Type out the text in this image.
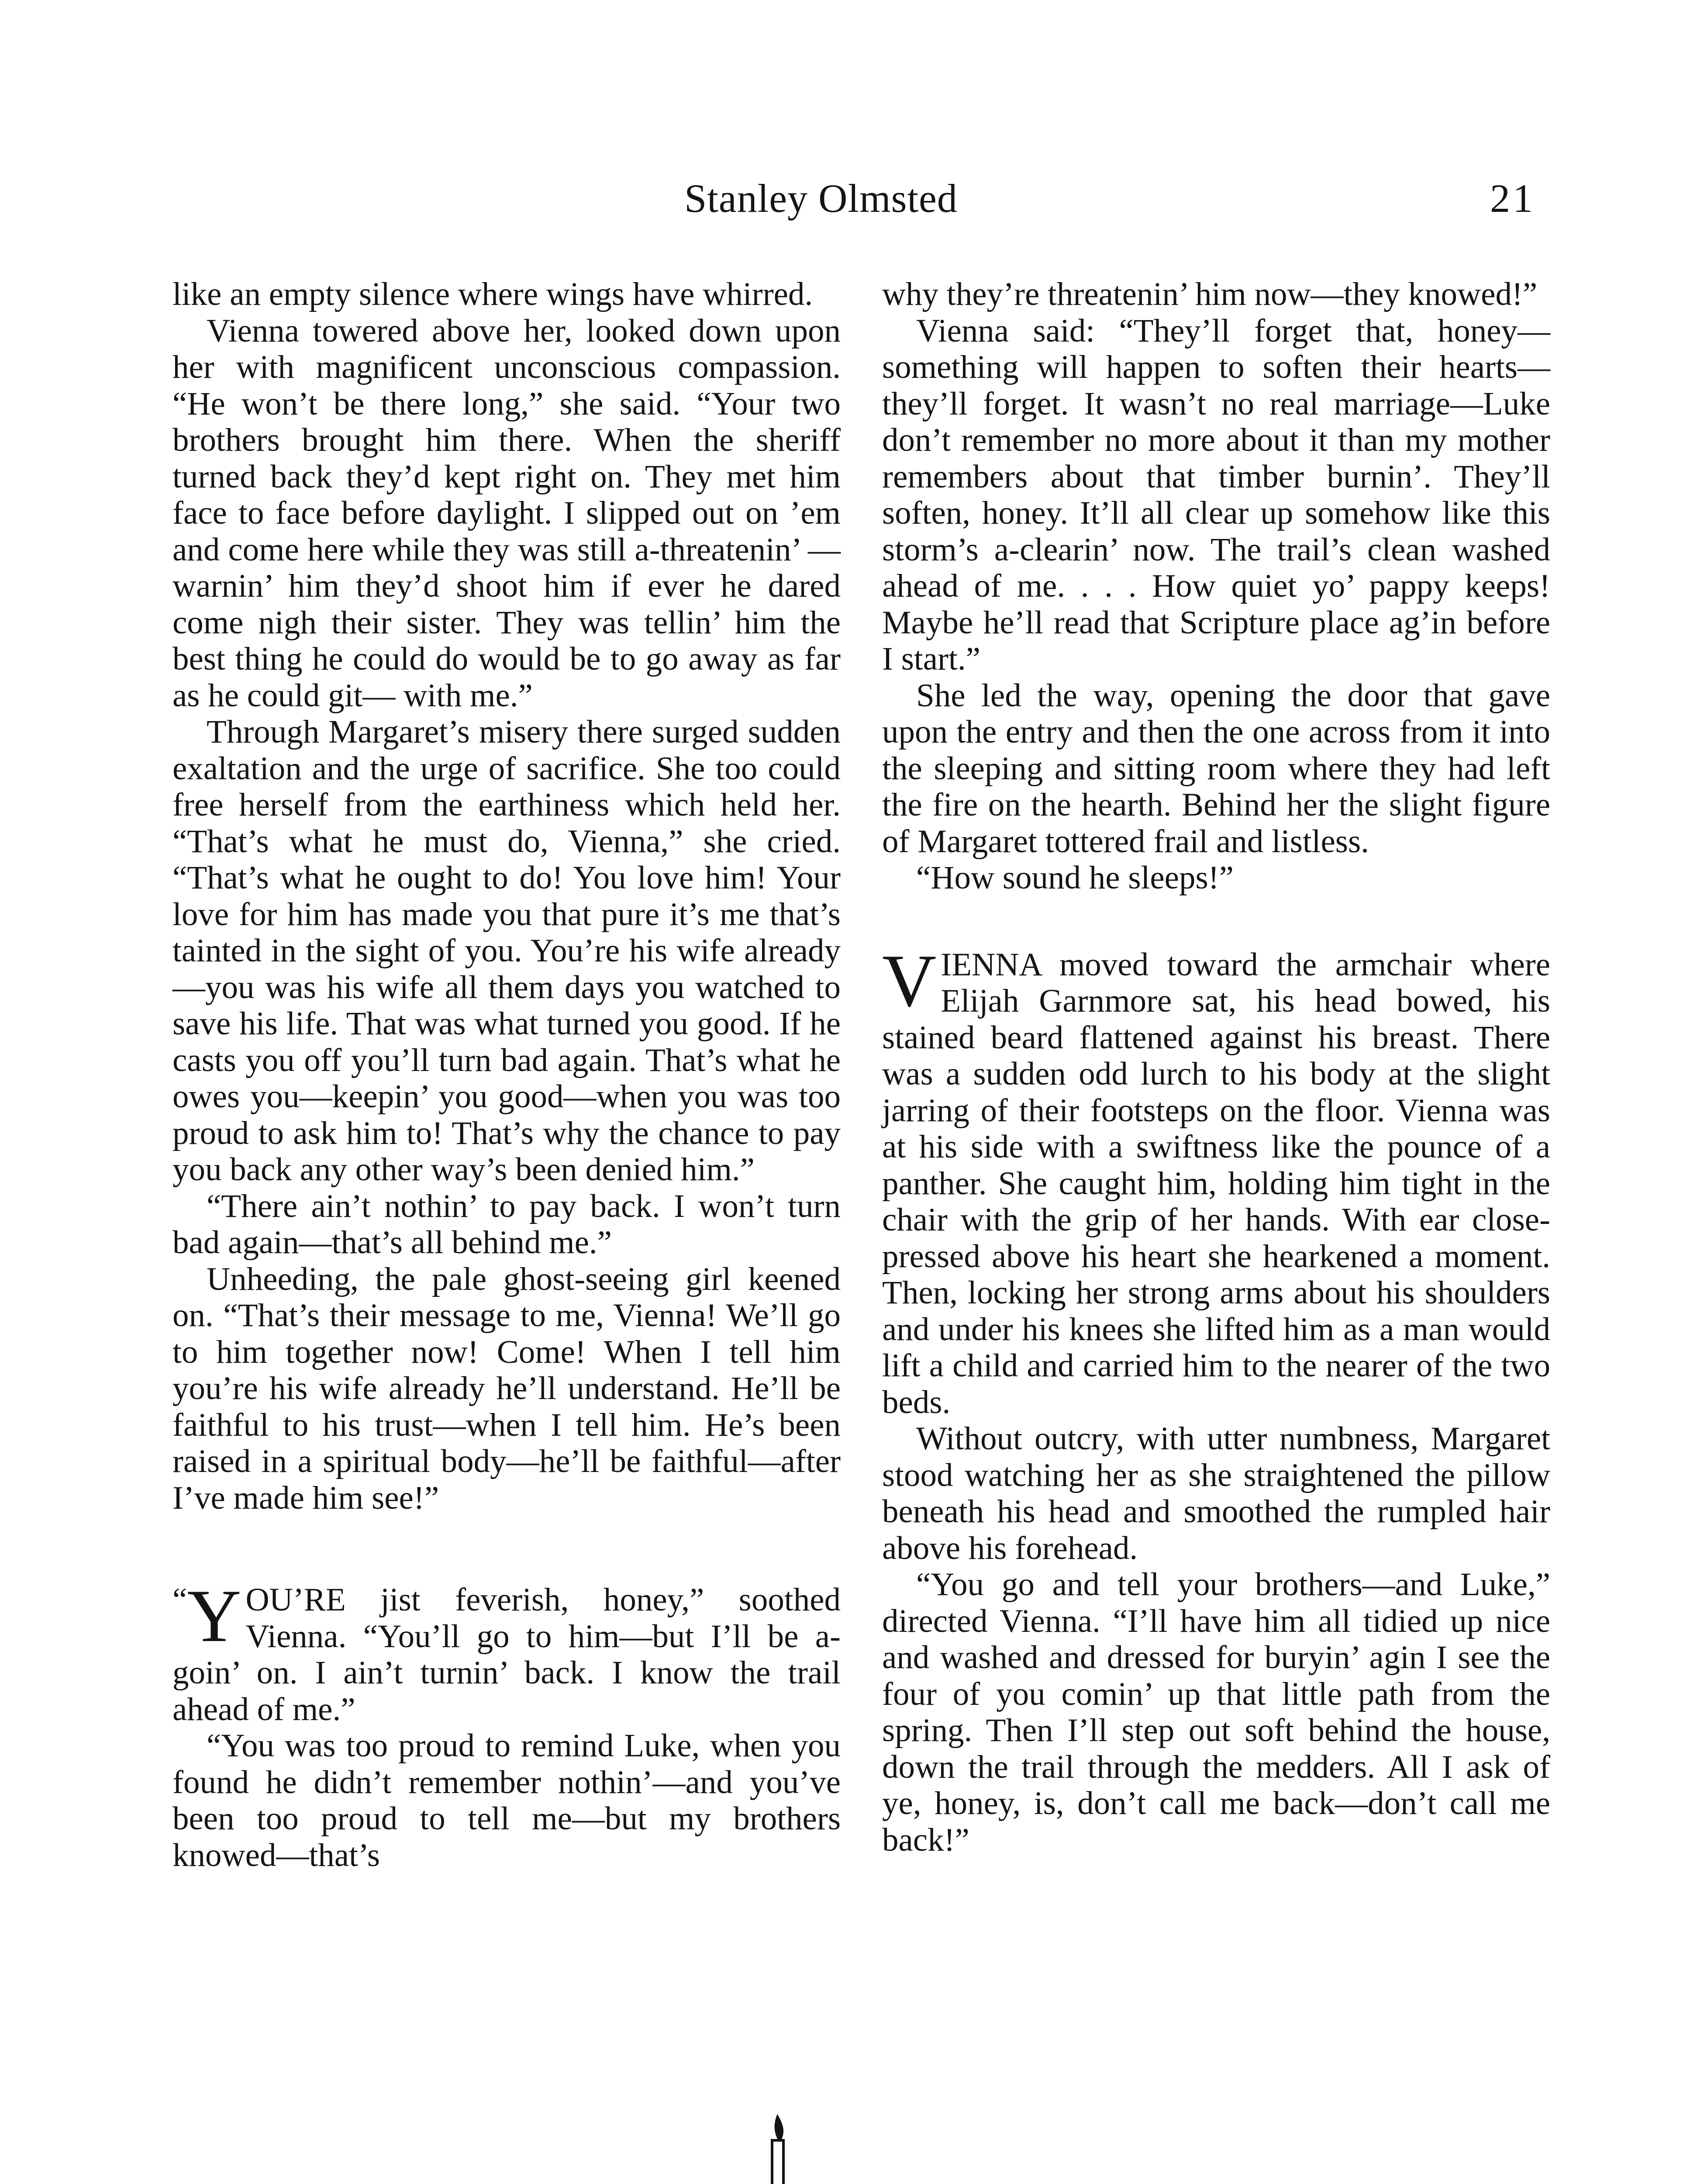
Stanley Olmsted	21

like an empty silence where wings have whirred.

Vienna towered above her, looked down upon her with magnificent unconscious compassion. “He won’t be there long,” she said. “Your two brothers brought him there. When the sheriff turned back they’d kept right on. They met him face to face before daylight. I slipped out on ’em and come here while they was still a-threatenin’ —warnin’ him they’d shoot him if ever he dared come nigh their sister. They was tellin’ him the best thing he could do would be to go away as far as he could git— with me.”

Through Margaret’s misery there surged sudden exaltation and the urge of sacrifice. She too could free herself from the earthiness which held her. “That’s what he must do, Vienna,” she cried. “That’s what he ought to do! You love him! Your love for him has made you that pure it’s me that’s tainted in the sight of you. You’re his wife already—you was his wife all them days you watched to save his life. That was what turned you good. If he casts you off you’ll turn bad again. That’s what he owes you—keepin’ you good—when you was too proud to ask him to! That’s why the chance to pay you back any other way’s been denied him.”

“There ain’t nothin’ to pay back. I won’t turn bad again—that’s all behind me.”

Unheeding, the pale ghost-seeing girl keened on. “That’s their message to me, Vienna! We’ll go to him together now! Come! When I tell him you’re his wife already he’ll understand. He’ll be faithful to his trust—when I tell him. He’s been raised in a spiritual body—he’ll be faithful—after I’ve made him see!”

“ Y OU’RE jist feverish, honey,” soothed Vienna. “You’ll go to him—but I’ll be a-goin’ on. I ain’t turnin’ back. I know the trail ahead of me.”

“You was too proud to remind Luke, when you found he didn’t remember nothin’—and you’ve been too proud to tell me—but my brothers knowed—that’s

why they’re threatenin’ him now—they knowed!”

Vienna said: “They’ll forget that, honey—something will happen to soften their hearts—they’ll forget. It wasn’t no real marriage—Luke don’t remember no more about it than my mother remembers about that timber burnin’. They’ll soften, honey. It’ll all clear up somehow like this storm’s a-clearin’ now. The trail’s clean washed ahead of me. . . . How quiet yo’ pappy keeps! Maybe he’ll read that Scripture place ag’in before I start.”

She led the way, opening the door that gave upon the entry and then the one across from it into the sleeping and sitting room where they had left the fire on the hearth. Behind her the slight figure of Margaret tottered frail and listless.

“How sound he sleeps!”

VIENNA moved toward the armchair where Elijah Garnmore sat, his head bowed, his stained beard flattened against his breast. There was a sudden odd lurch to his body at the slight jarring of their footsteps on the floor. Vienna was at his side with a swiftness like the pounce of a panther. She caught him, holding him tight in the chair with the grip of her hands. With ear close-pressed above his heart she hearkened a moment. Then, locking her strong arms about his shoulders and under his knees she lifted him as a man would lift a child and carried him to the nearer of the two beds.

Without outcry, with utter numbness, Margaret stood watching her as she straightened the pillow beneath his head and smoothed the rumpled hair above his forehead.

“You go and tell your brothers—and Luke,” directed Vienna. “I’ll have him all tidied up nice and washed and dressed for buryin’ agin I see the four of you comin’ up that little path from the spring. Then I’ll step out soft behind the house, down the trail through the medders. All I ask of ye, honey, is, don’t call me back—don’t call me back!”
